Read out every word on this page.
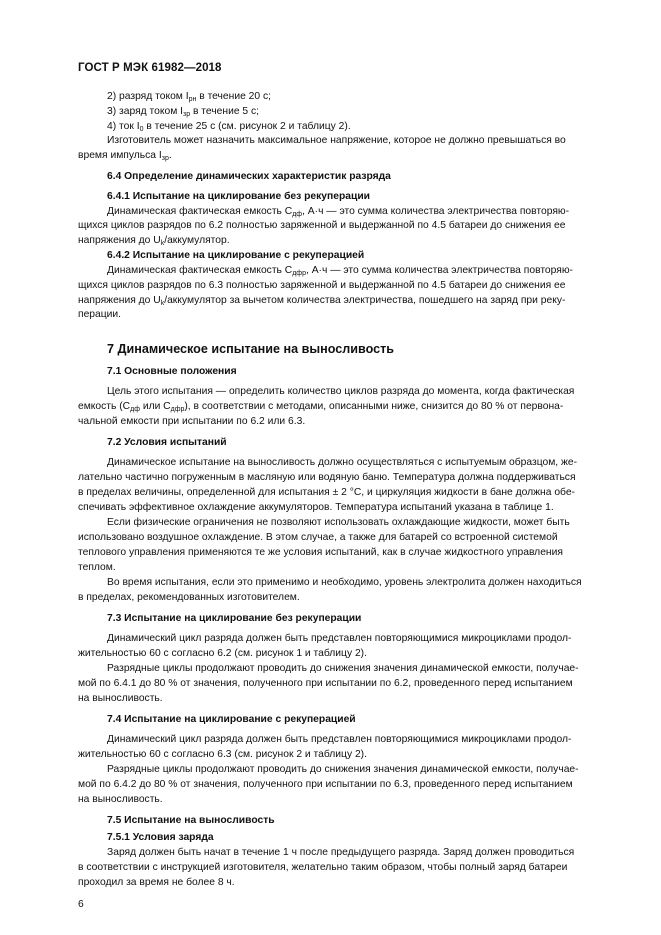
ГОСТ Р МЭК 61982—2018
2) разряд током $I_{рн}$ в течение 20 с;
3) заряд током $I_{зр}$ в течение 5 с;
4) ток $I_0$ в течение 25 с (см. рисунок 2 и таблицу 2).
Изготовитель может назначить максимальное напряжение, которое не должно превышаться во
время импульса $I_{зр}$.
6.4 Определение динамических характеристик разряда
6.4.1 Испытание на циклирование без рекуперации
Динамическая фактическая емкость $C_{дф}$, А·ч — это сумма количества электричества повторяю-
щихся циклов разрядов по 6.2 полностью заряженной и выдержанной по 4.5 батареи до снижения ее
напряжения до $U_k$/аккумулятор.
6.4.2 Испытание на циклирование с рекуперацией
Динамическая фактическая емкость $C_{дфр}$, А·ч — это сумма количества электричества повторяю-
щихся циклов разрядов по 6.3 полностью заряженной и выдержанной по 4.5 батареи до снижения ее
напряжения до $U_k$/аккумулятор за вычетом количества электричества, пошедшего на заряд при реку-
перации.
7 Динамическое испытание на выносливость
7.1 Основные положения
Цель этого испытания — определить количество циклов разряда до момента, когда фактическая
емкость ($C_{дф}$ или $C_{дфр}$), в соответствии с методами, описанными ниже, снизится до 80 % от первона-
чальной емкости при испытании по 6.2 или 6.3.
7.2 Условия испытаний
Динамическое испытание на выносливость должно осуществляться с испытуемым образцом, же-
лательно частично погруженным в масляную или водяную баню. Температура должна поддерживаться
в пределах величины, определенной для испытания ± 2 °С, и циркуляция жидкости в бане должна обе-
спечивать эффективное охлаждение аккумуляторов. Температура испытаний указана в таблице 1.
Если физические ограничения не позволяют использовать охлаждающие жидкости, может быть
использовано воздушное охлаждение. В этом случае, а также для батарей со встроенной системой
теплового управления применяются те же условия испытаний, как в случае жидкостного управления
теплом.
Во время испытания, если это применимо и необходимо, уровень электролита должен находиться
в пределах, рекомендованных изготовителем.
7.3 Испытание на циклирование без рекуперации
Динамический цикл разряда должен быть представлен повторяющимися микроциклами продол-
жительностью 60 с согласно 6.2 (см. рисунок 1 и таблицу 2).
Разрядные циклы продолжают проводить до снижения значения динамической емкости, получае-
мой по 6.4.1 до 80 % от значения, полученного при испытании по 6.2, проведенного перед испытанием
на выносливость.
7.4 Испытание на циклирование с рекуперацией
Динамический цикл разряда должен быть представлен повторяющимися микроциклами продол-
жительностью 60 с согласно 6.3 (см. рисунок 2 и таблицу 2).
Разрядные циклы продолжают проводить до снижения значения динамической емкости, получае-
мой по 6.4.2 до 80 % от значения, полученного при испытании по 6.3, проведенного перед испытанием
на выносливость.
7.5 Испытание на выносливость
7.5.1 Условия заряда
Заряд должен быть начат в течение 1 ч после предыдущего разряда. Заряд должен проводиться
в соответствии с инструкцией изготовителя, желательно таким образом, чтобы полный заряд батареи
проходил за время не более 8 ч.
6
